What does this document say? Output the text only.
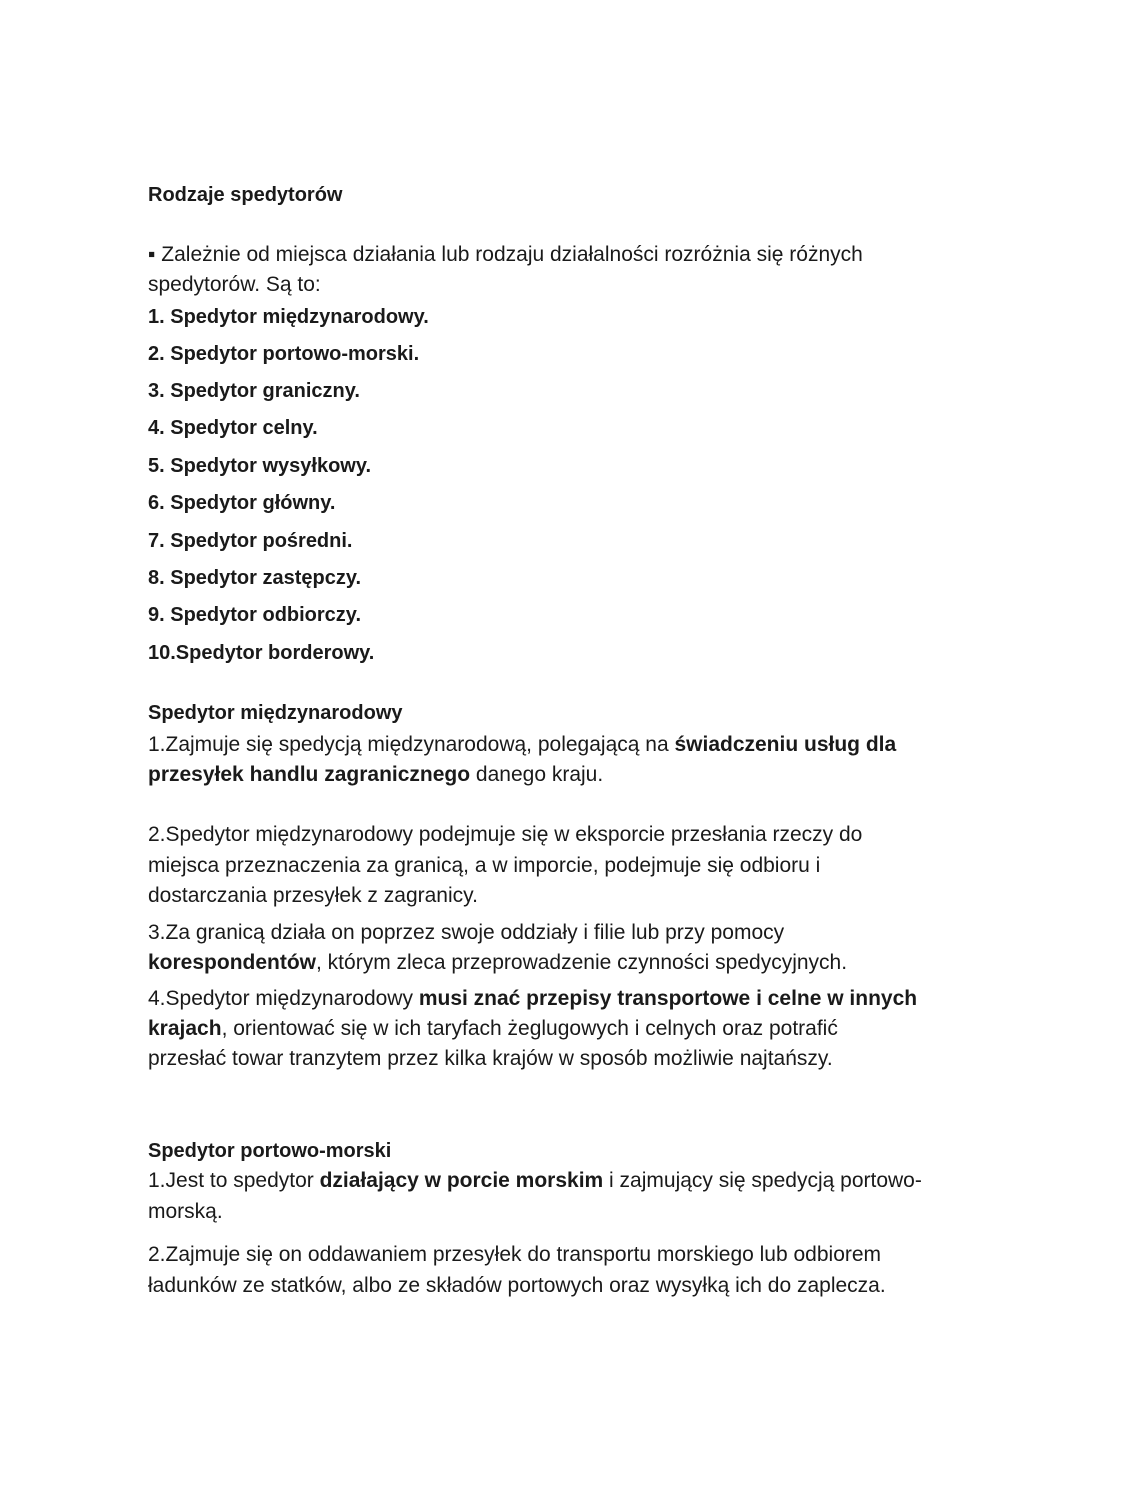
Rodzaje spedytorów
▪ Zależnie od miejsca działania lub rodzaju działalności rozróżnia się różnych
spedytorów. Są to:
1. Spedytor międzynarodowy.
2. Spedytor portowo-morski.
3. Spedytor graniczny.
4. Spedytor celny.
5. Spedytor wysyłkowy.
6. Spedytor główny.
7. Spedytor pośredni.
8. Spedytor zastępczy.
9. Spedytor odbiorczy.
10.Spedytor borderowy.
Spedytor międzynarodowy
1.Zajmuje się spedycją międzynarodową, polegającą na świadczeniu usług dla
przesyłek handlu zagranicznego danego kraju.
2.Spedytor międzynarodowy podejmuje się w eksporcie przesłania rzeczy do
miejsca przeznaczenia za granicą, a w imporcie, podejmuje się odbioru i
dostarczania przesyłek z zagranicy.
3.Za granicą działa on poprzez swoje oddziały i filie lub przy pomocy
korespondentów, którym zleca przeprowadzenie czynności spedycyjnych.
4.Spedytor międzynarodowy musi znać przepisy transportowe i celne w innych
krajach, orientować się w ich taryfach żeglugowych i celnych oraz potrafić
przesłać towar tranzytem przez kilka krajów w sposób możliwie najtańszy.
Spedytor portowo-morski
1.Jest to spedytor działający w porcie morskim i zajmujący się spedycją portowo-
morską.
2.Zajmuje się on oddawaniem przesyłek do transportu morskiego lub odbiorem
ładunków ze statków, albo ze składów portowych oraz wysyłką ich do zaplecza.
